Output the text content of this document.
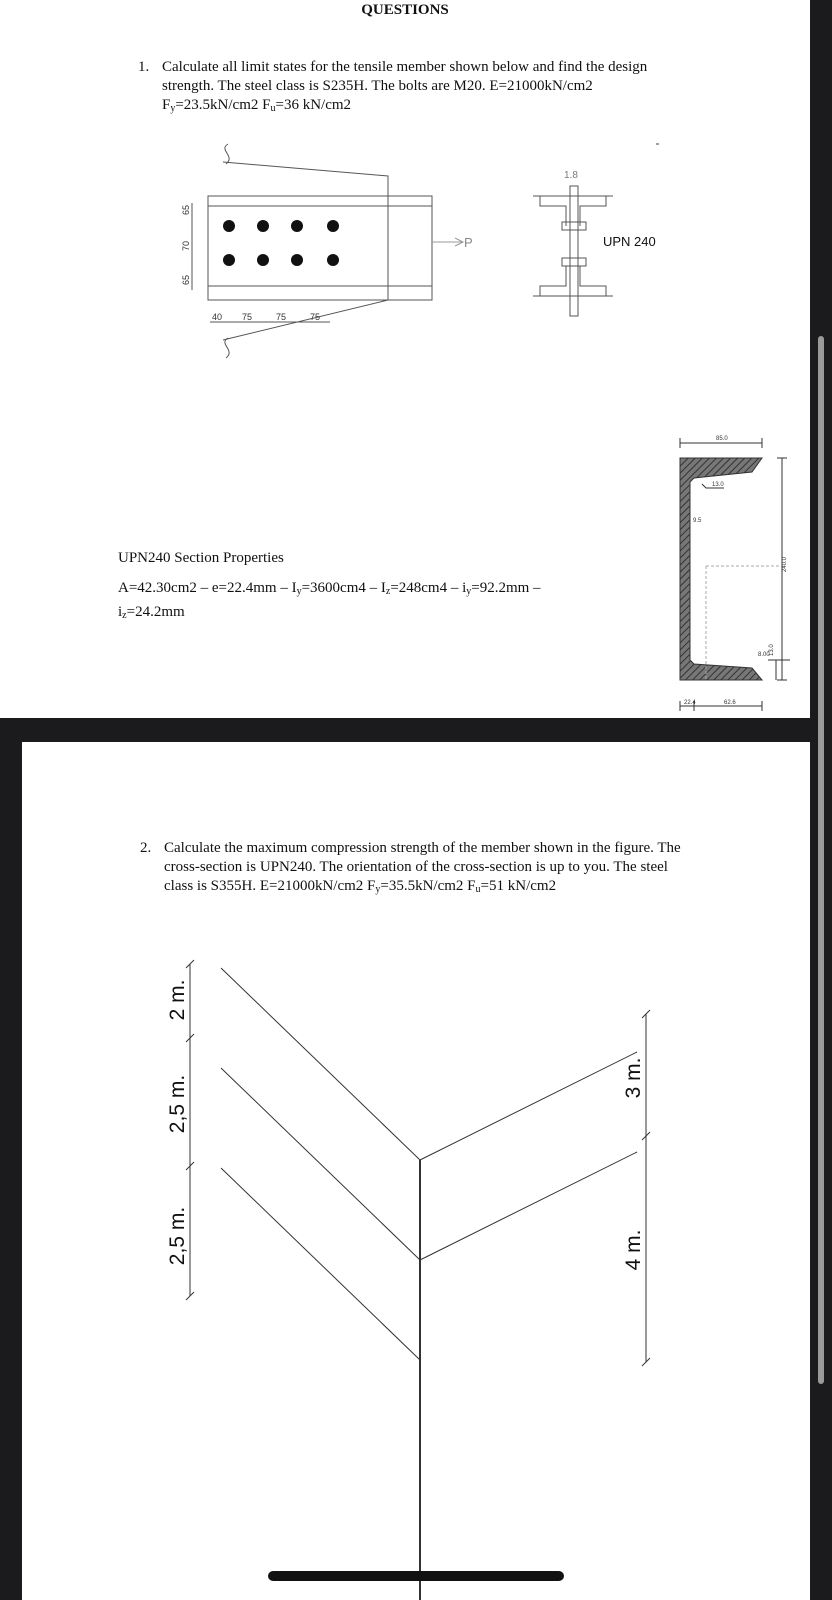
QUESTIONS
1. Calculate all limit states for the tensile member shown below and find the design
strength. The steel class is S235H. The bolts are M20. E=21000kN/cm2
$F_y=23.5kN/cm2$ $F_u=36$ kN/cm2
65
70
65
40 75	75	75
1.8
P	UPN 240
85.0
13.0
9.5
240.0
8.00 13.0
22.4	62.6
UPN240 Section Properties
$A=42.30cm2 - e=22.4mm - I_y=3600cm4 - I_z=248cm4 - i_y=92.2mm$ –
$i_z=24.2mm$
2. Calculate the maximum compression strength of the member shown in the figure. The
cross-section is UPN240. The orientation of the cross-section is up to you. The steel
class is S355H. E=21000kN/cm2 $F_y=35.5kN/cm2$ $F_u=51$ kN/cm2
2,5 m.
2,5 m.
2 m.
4 m.
3 m.
